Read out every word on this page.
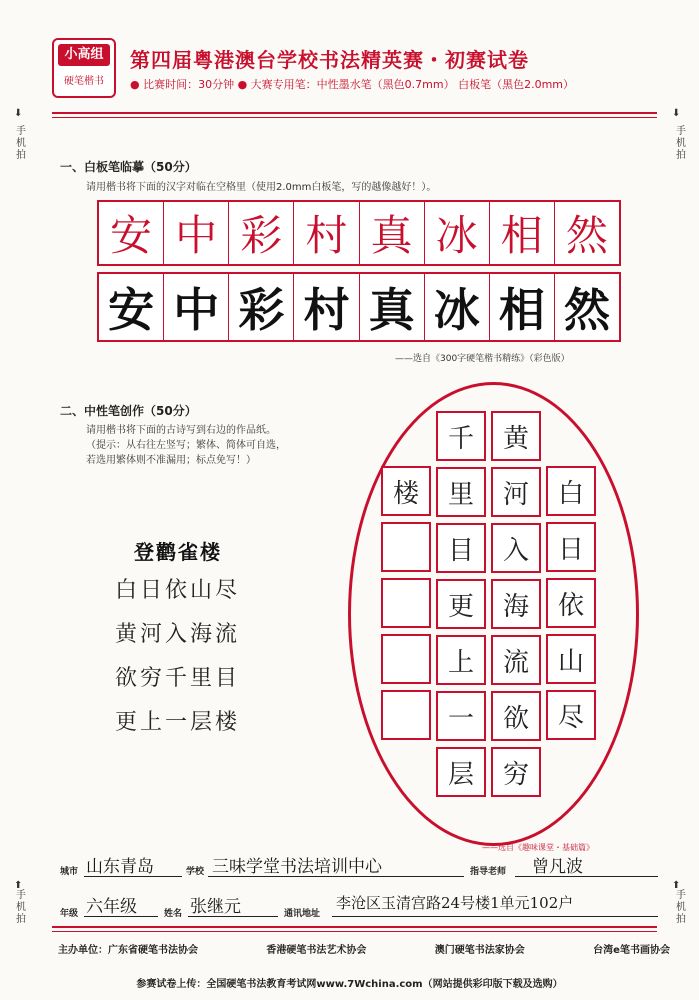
小高组
硬笔楷书
第四届粤港澳台学校书法精英赛・初赛试卷
● 比赛时间：30分钟 ● 大赛专用笔：中性墨水笔（黑色0.7mm） 白板笔（黑色2.0mm）
⬇
手机拍
⬇
手机拍
⬆
手机拍
⬆
手机拍
一、白板笔临摹（50分）
请用楷书将下面的汉字对临在空格里（使用2.0mm白板笔，写的越像越好！）。
安 中 彩 村 真 冰 相 然
安 中 彩 村 真 冰 相 然
——选自《300字硬笔楷书精练》（彩色版）
二、中性笔创作（50分）
请用楷书将下面的古诗写到右边的作品纸。
（提示：从右往左竖写；繁体、简体可自选，
若选用繁体则不准漏用；标点免写！）
登鹳雀楼
白日依山尽
黄河入海流
欲穷千里目
更上一层楼
白
日
依
山
尽
黄
河
入
海
流
欲
穷
千
里
目
更
上
一
层
楼
——选自《趣味课堂・基础篇》
城市 山东青岛	学校 三味学堂书法培训中心	指导老师 曾凡波
年级 六年级	姓名 张继元	通讯地址
李沧区玉清宫路24号楼1单元102户
主办单位：广东省硬笔书法协会	香港硬笔书法艺术协会	澳门硬笔书法家协会	台湾e笔书画协会
参赛试卷上传：全国硬笔书法教育考试网www.7Wchina.com（网站提供彩印版下载及选购）
